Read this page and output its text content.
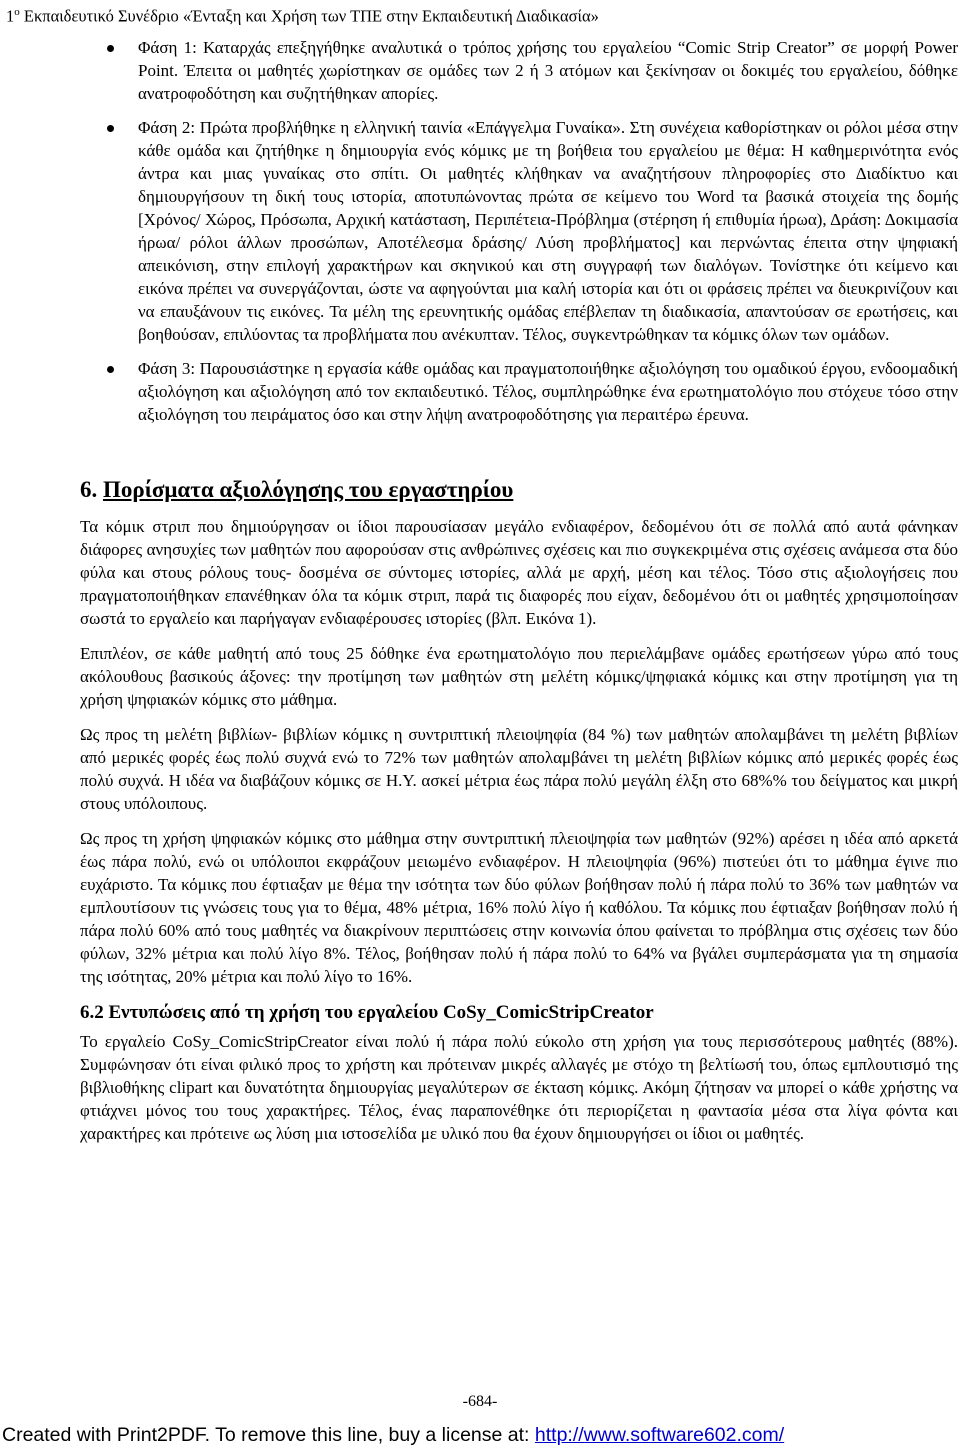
$1^o$ Εκπαιδευτικό Συνέδριο «Ένταξη και Χρήση των ΤΠΕ στην Εκπαιδευτική Διαδικασία»
Φάση 1: Καταρχάς επεξηγήθηκε αναλυτικά ο τρόπος χρήσης του εργαλείου “Comic Strip Creator” σε μορφή Power Point. Έπειτα οι μαθητές χωρίστηκαν σε ομάδες των 2 ή 3 ατόμων και ξεκίνησαν οι δοκιμές του εργαλείου, δόθηκε ανατροφοδότηση και συζητήθηκαν απορίες.
Φάση 2: Πρώτα προβλήθηκε η ελληνική ταινία «Επάγγελμα Γυναίκα». Στη συνέχεια καθορίστηκαν οι ρόλοι μέσα στην κάθε ομάδα και ζητήθηκε η δημιουργία ενός κόμικς με τη βοήθεια του εργαλείου με θέμα: Η καθημερινότητα ενός άντρα και μιας γυναίκας στο σπίτι. Οι μαθητές κλήθηκαν να αναζητήσουν πληροφορίες στο Διαδίκτυο και δημιουργήσουν τη δική τους ιστορία, αποτυπώνοντας πρώτα σε κείμενο του Word τα βασικά στοιχεία της δομής [Χρόνος/ Χώρος, Πρόσωπα, Αρχική κατάσταση, Περιπέτεια-Πρόβλημα (στέρηση ή επιθυμία ήρωα), Δράση: Δοκιμασία ήρωα/ ρόλοι άλλων προσώπων, Αποτέλεσμα δράσης/ Λύση προβλήματος] και περνώντας έπειτα στην ψηφιακή απεικόνιση, στην επιλογή χαρακτήρων και σκηνικού και στη συγγραφή των διαλόγων. Τονίστηκε ότι κείμενο και εικόνα πρέπει να συνεργάζονται, ώστε να αφηγούνται μια καλή ιστορία και ότι οι φράσεις πρέπει να διευκρινίζουν και να επαυξάνουν τις εικόνες. Τα μέλη της ερευνητικής ομάδας επέβλεπαν τη διαδικασία, απαντούσαν σε ερωτήσεις, και βοηθούσαν, επιλύοντας τα προβλήματα που ανέκυπταν. Τέλος, συγκεντρώθηκαν τα κόμικς όλων των ομάδων.
Φάση 3: Παρουσιάστηκε η εργασία κάθε ομάδας και πραγματοποιήθηκε αξιολόγηση του ομαδικού έργου, ενδοομαδική αξιολόγηση και αξιολόγηση από τον εκπαιδευτικό. Τέλος, συμπληρώθηκε ένα ερωτηματολόγιο που στόχευε τόσο στην αξιολόγηση του πειράματος όσο και στην λήψη ανατροφοδότησης για περαιτέρω έρευνα.
6. Πορίσματα αξιολόγησης του εργαστηρίου

Τα κόμικ στριπ που δημιούργησαν οι ίδιοι παρουσίασαν μεγάλο ενδιαφέρον, δεδομένου ότι σε πολλά από αυτά φάνηκαν διάφορες ανησυχίες των μαθητών που αφορούσαν στις ανθρώπινες σχέσεις και πιο συγκεκριμένα στις σχέσεις ανάμεσα στα δύο φύλα και στους ρόλους τους- δοσμένα σε σύντομες ιστορίες, αλλά με αρχή, μέση και τέλος. Τόσο στις αξιολογήσεις που πραγματοποιήθηκαν επανέθηκαν όλα τα κόμικ στριπ, παρά τις διαφορές που είχαν, δεδομένου ότι οι μαθητές χρησιμοποίησαν σωστά το εργαλείο και παρήγαγαν ενδιαφέρουσες ιστορίες (βλπ. Εικόνα 1).

Επιπλέον, σε κάθε μαθητή από τους 25 δόθηκε ένα ερωτηματολόγιο που περιελάμβανε ομάδες ερωτήσεων γύρω από τους ακόλουθους βασικούς άξονες: την προτίμηση των μαθητών στη μελέτη κόμικς/ψηφιακά κόμικς και στην προτίμηση για τη χρήση ψηφιακών κόμικς στο μάθημα.

Ως προς τη μελέτη βιβλίων- βιβλίων κόμικς η συντριπτική πλειοψηφία (84 %) των μαθητών απολαμβάνει τη μελέτη βιβλίων από μερικές φορές έως πολύ συχνά ενώ το 72% των μαθητών απολαμβάνει τη μελέτη βιβλίων κόμικς από μερικές φορές έως πολύ συχνά. Η ιδέα να διαβάζουν κόμικς σε Η.Υ. ασκεί μέτρια έως πάρα πολύ μεγάλη έλξη στο 68%% του δείγματος και μικρή στους υπόλοιπους.

Ως προς τη χρήση ψηφιακών κόμικς στο μάθημα στην συντριπτική πλειοψηφία των μαθητών (92%) αρέσει η ιδέα από αρκετά έως πάρα πολύ, ενώ οι υπόλοιποι εκφράζουν μειωμένο ενδιαφέρον. Η πλειοψηφία (96%) πιστεύει ότι το μάθημα έγινε πιο ευχάριστο. Τα κόμικς που έφτιαξαν με θέμα την ισότητα των δύο φύλων βοήθησαν πολύ ή πάρα πολύ το 36% των μαθητών να εμπλουτίσουν τις γνώσεις τους για το θέμα, 48% μέτρια, 16% πολύ λίγο ή καθόλου. Τα κόμικς που έφτιαξαν βοήθησαν πολύ ή πάρα πολύ 60% από τους μαθητές να διακρίνουν περιπτώσεις στην κοινωνία όπου φαίνεται το πρόβλημα στις σχέσεις των δύο φύλων, 32% μέτρια και πολύ λίγο 8%. Τέλος, βοήθησαν πολύ ή πάρα πολύ το 64% να βγάλει συμπεράσματα για τη σημασία της ισότητας, 20% μέτρια και πολύ λίγο το 16%.

6.2 Εντυπώσεις από τη χρήση του εργαλείου CoSy_ComicStripCreator

Το εργαλείο CoSy_ComicStripCreator είναι πολύ ή πάρα πολύ εύκολο στη χρήση για τους περισσότερους μαθητές (88%). Συμφώνησαν ότι είναι φιλικό προς το χρήστη και πρότειναν μικρές αλλαγές με στόχο τη βελτίωσή του, όπως εμπλουτισμό της βιβλιοθήκης clipart και δυνατότητα δημιουργίας μεγαλύτερων σε έκταση κόμικς. Ακόμη ζήτησαν να μπορεί ο κάθε χρήστης να φτιάχνει μόνος του τους χαρακτήρες. Τέλος, ένας παραπονέθηκε ότι περιορίζεται η φαντασία μέσα στα λίγα φόντα και χαρακτήρες και πρότεινε ως λύση μια ιστοσελίδα με υλικό που θα έχουν δημιουργήσει οι ίδιοι οι μαθητές.

-684-
Created with Print2PDF. To remove this line, buy a license at: http://www.software602.com/
